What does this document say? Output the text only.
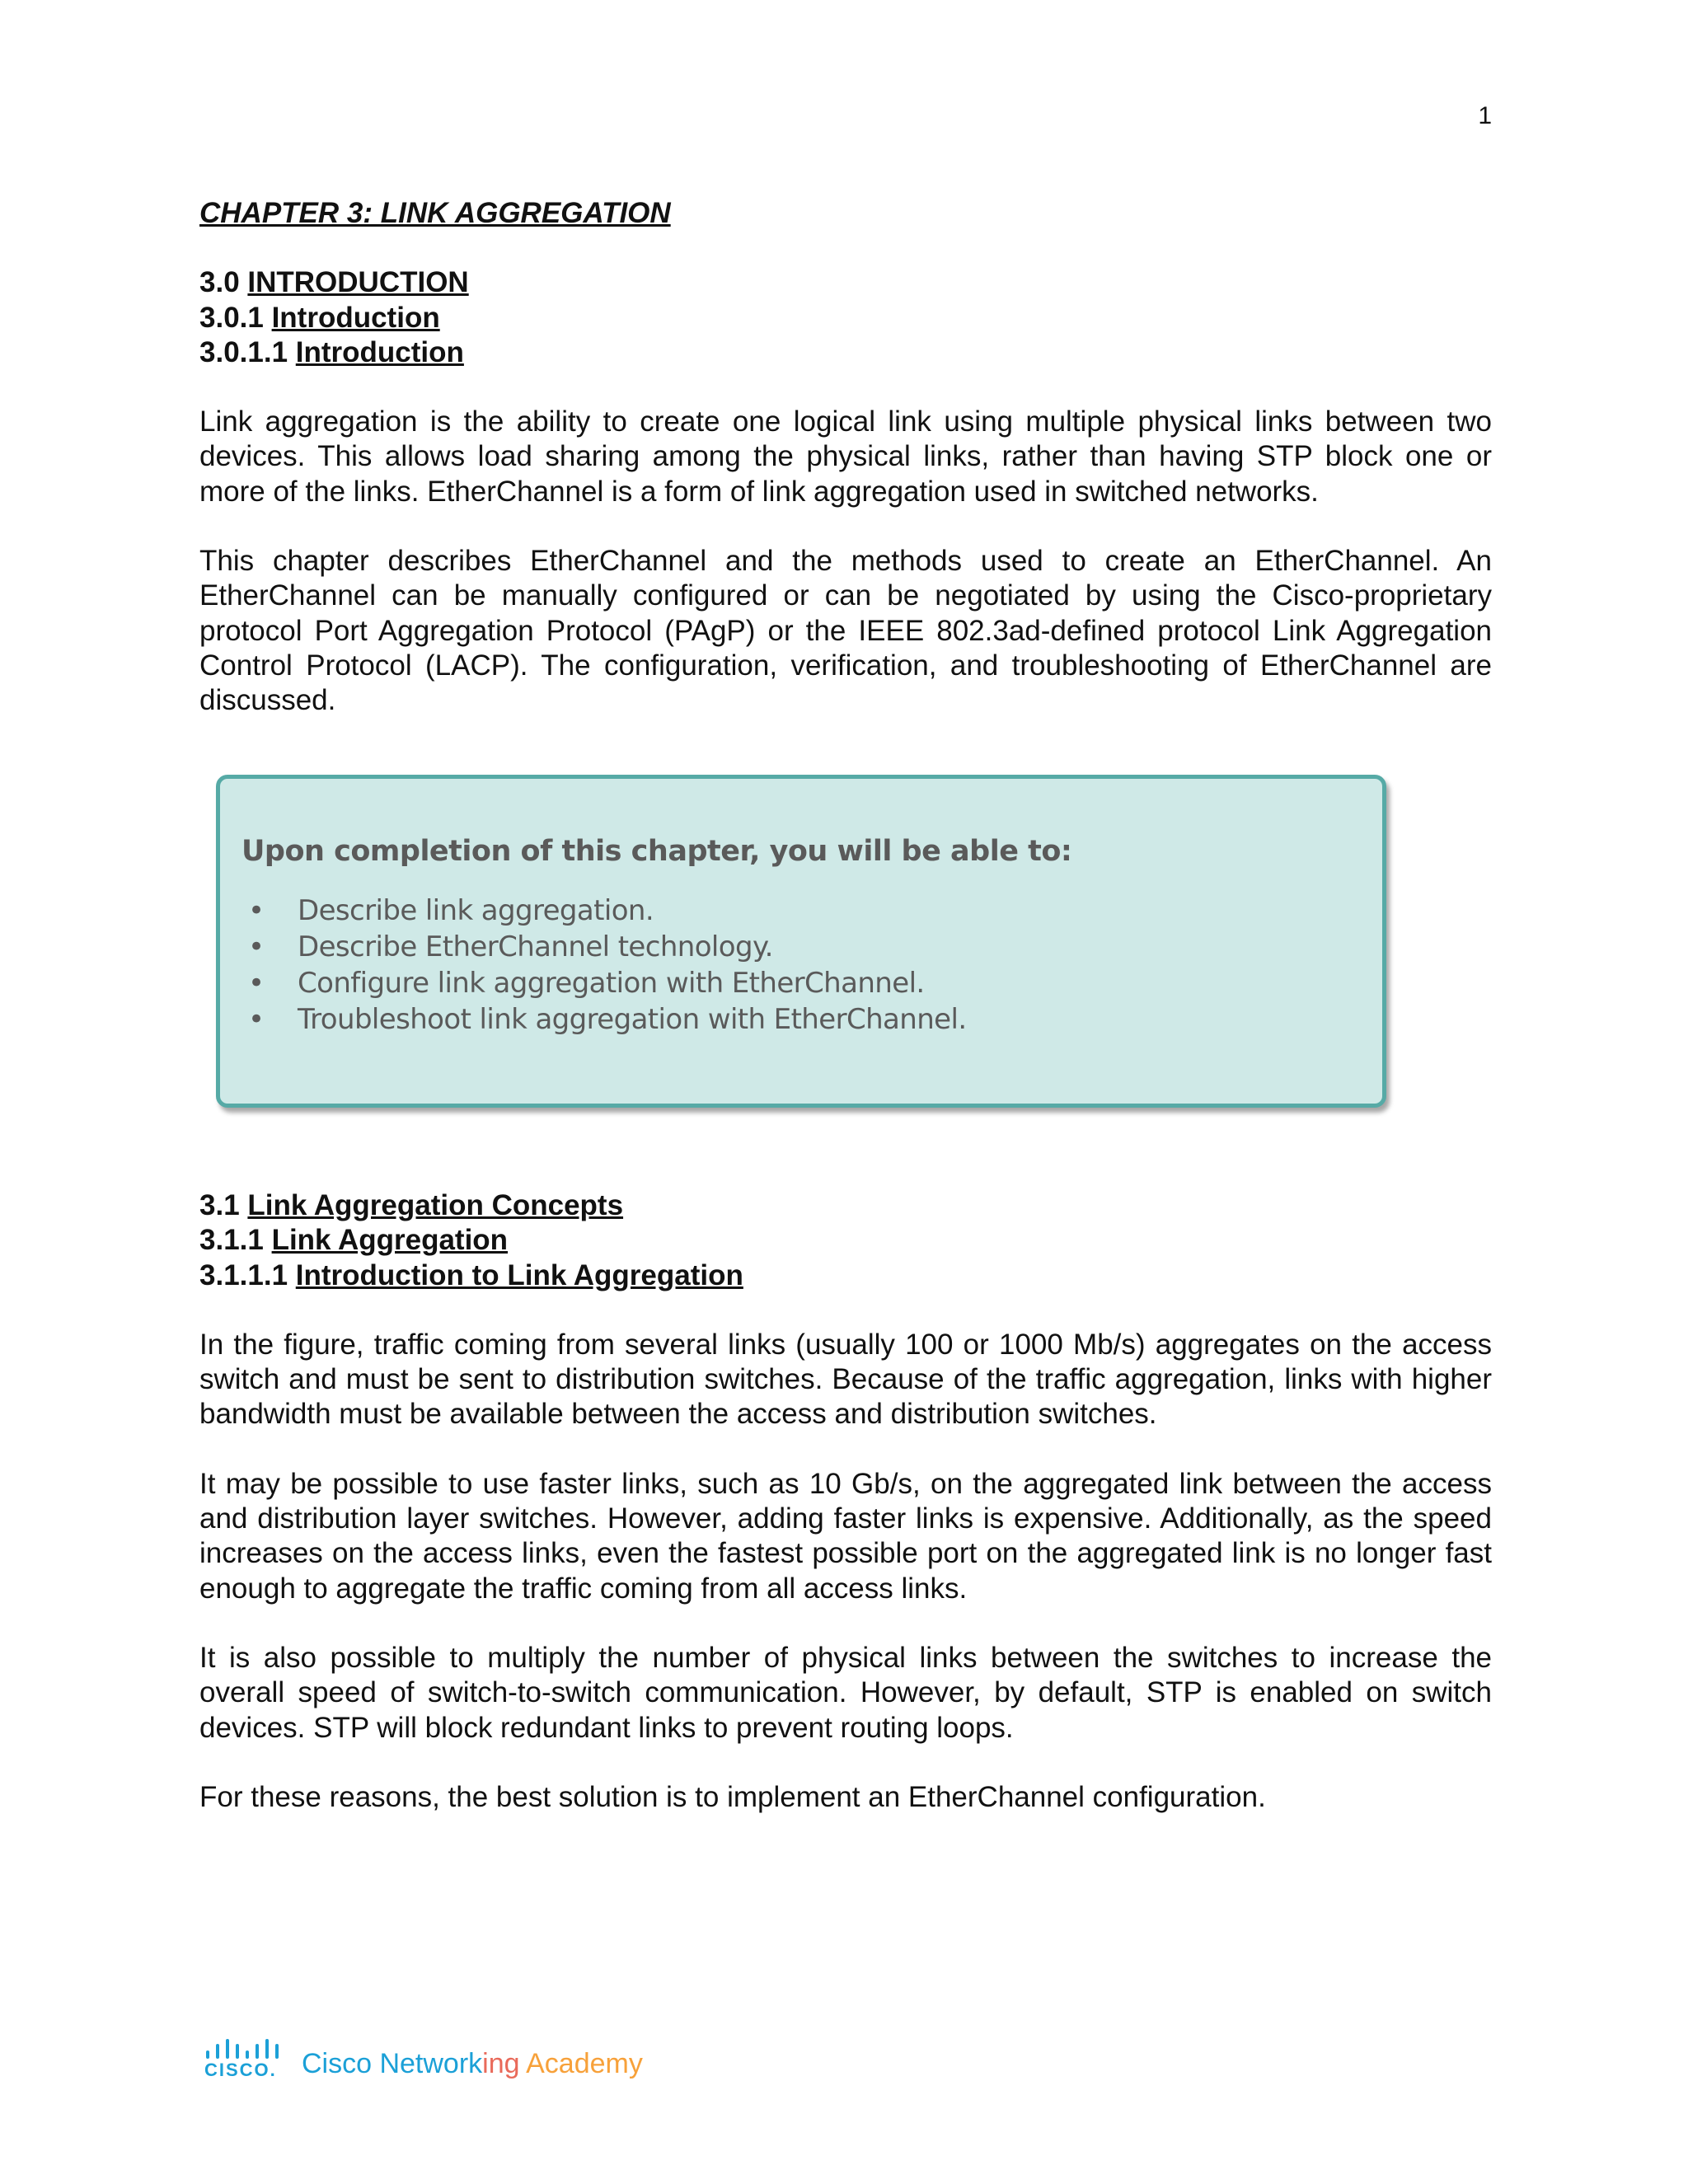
1
CHAPTER 3: LINK AGGREGATION
3.0 INTRODUCTION
3.0.1 Introduction
3.0.1.1 Introduction

Link aggregation is the ability to create one logical link using multiple physical links between two devices. This allows load sharing among the physical links, rather than having STP block one or more of the links. EtherChannel is a form of link aggregation used in switched networks.

This chapter describes EtherChannel and the methods used to create an EtherChannel. An EtherChannel can be manually configured or can be negotiated by using the Cisco-proprietary protocol Port Aggregation Protocol (PAgP) or the IEEE 802.3ad-defined protocol Link Aggregation Control Protocol (LACP). The configuration, verification, and troubleshooting of EtherChannel are discussed.

Upon completion of this chapter, you will be able to:
• Describe link aggregation.
• Describe EtherChannel technology.
• Configure link aggregation with EtherChannel.
• Troubleshoot link aggregation with EtherChannel.
3.1 Link Aggregation Concepts
3.1.1 Link Aggregation
3.1.1.1 Introduction to Link Aggregation

In the figure, traffic coming from several links (usually 100 or 1000 Mb/s) aggregates on the access switch and must be sent to distribution switches. Because of the traffic aggregation, links with higher bandwidth must be available between the access and distribution switches.

It may be possible to use faster links, such as 10 Gb/s, on the aggregated link between the access and distribution layer switches. However, adding faster links is expensive. Additionally, as the speed increases on the access links, even the fastest possible port on the aggregated link is no longer fast enough to aggregate the traffic coming from all access links.

It is also possible to multiply the number of physical links between the switches to increase the overall speed of switch-to-switch communication. However, by default, STP is enabled on switch devices. STP will block redundant links to prevent routing loops.

For these reasons, the best solution is to implement an EtherChannel configuration.

CISCO. Cisco Networking Academy
